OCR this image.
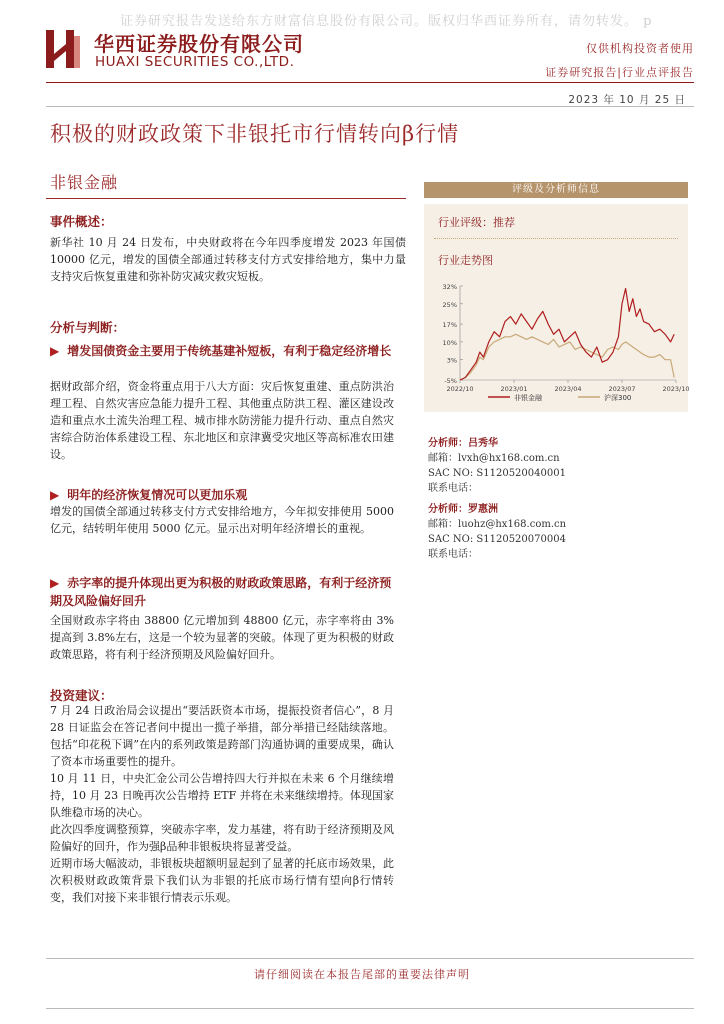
证券研究报告发送给东方财富信息股份有限公司。版权归华西证券所有，请勿转发。 p
华西证券股份有限公司
HUAXI SECURITIES CO.,LTD.
仅供机构投资者使用
证券研究报告|行业点评报告
2023 年 10 月 25 日
积极的财政政策下非银托市行情转向β行情
非银金融
事件概述：
新华社 10 月 24 日发布，中央财政将在今年四季度增发 2023 年国债 10000 亿元，增发的国债全部通过转移支付方式安排给地方，集中力量支持灾后恢复重建和弥补防灾减灾救灾短板。
分析与判断：
▶ 增发国债资金主要用于传统基建补短板，有利于稳定经济增长
据财政部介绍，资金将重点用于八大方面：灾后恢复重建、重点防洪治理工程、自然灾害应急能力提升工程、其他重点防洪工程、灌区建设改造和重点水土流失治理工程、城市排水防涝能力提升行动、重点自然灾害综合防治体系建设工程、东北地区和京津冀受灾地区等高标准农田建设。
▶ 明年的经济恢复情况可以更加乐观
增发的国债全部通过转移支付方式安排给地方，今年拟安排使用 5000 亿元，结转明年使用 5000 亿元。显示出对明年经济增长的重视。
▶ 赤字率的提升体现出更为积极的财政政策思路，有利于经济预期及风险偏好回升
全国财政赤字将由 38800 亿元增加到 48800 亿元，赤字率将由 3%提高到 3.8%左右，这是一个较为显著的突破。体现了更为积极的财政政策思路，将有利于经济预期及风险偏好回升。
投资建议：
7 月 24 日政治局会议提出“要活跃资本市场，提振投资者信心”，8 月 28 日证监会在答记者问中提出一揽子举措，部分举措已经陆续落地。包括“印花税下调”在内的系列政策是跨部门沟通协调的重要成果，确认了资本市场重要性的提升。
10 月 11 日，中央汇金公司公告增持四大行并拟在未来 6 个月继续增持，10 月 23 日晚再次公告增持 ETF 并将在未来继续增持。体现国家队维稳市场的决心。
此次四季度调整预算，突破赤字率，发力基建，将有助于经济预期及风险偏好的回升，作为强β品种非银板块将显著受益。
近期市场大幅波动，非银板块超额明显起到了显著的托底市场效果，此次积极财政政策背景下我们认为非银的托底市场行情有望向β行情转变，我们对接下来非银行情表示乐观。
评级及分析师信息
行业评级：推荐
行业走势图
32%
25%
17%
10%
3%
-5%
2022/10	2023/01	2023/04	2023/07	2023/10
非银金融	沪深300
分析师：吕秀华
邮箱：lvxh@hx168.com.cn
SAC NO: S1120520040001
联系电话：
分析师：罗惠洲
邮箱：luohz@hx168.com.cn
SAC NO: S1120520070004
联系电话：
请仔细阅读在本报告尾部的重要法律声明
